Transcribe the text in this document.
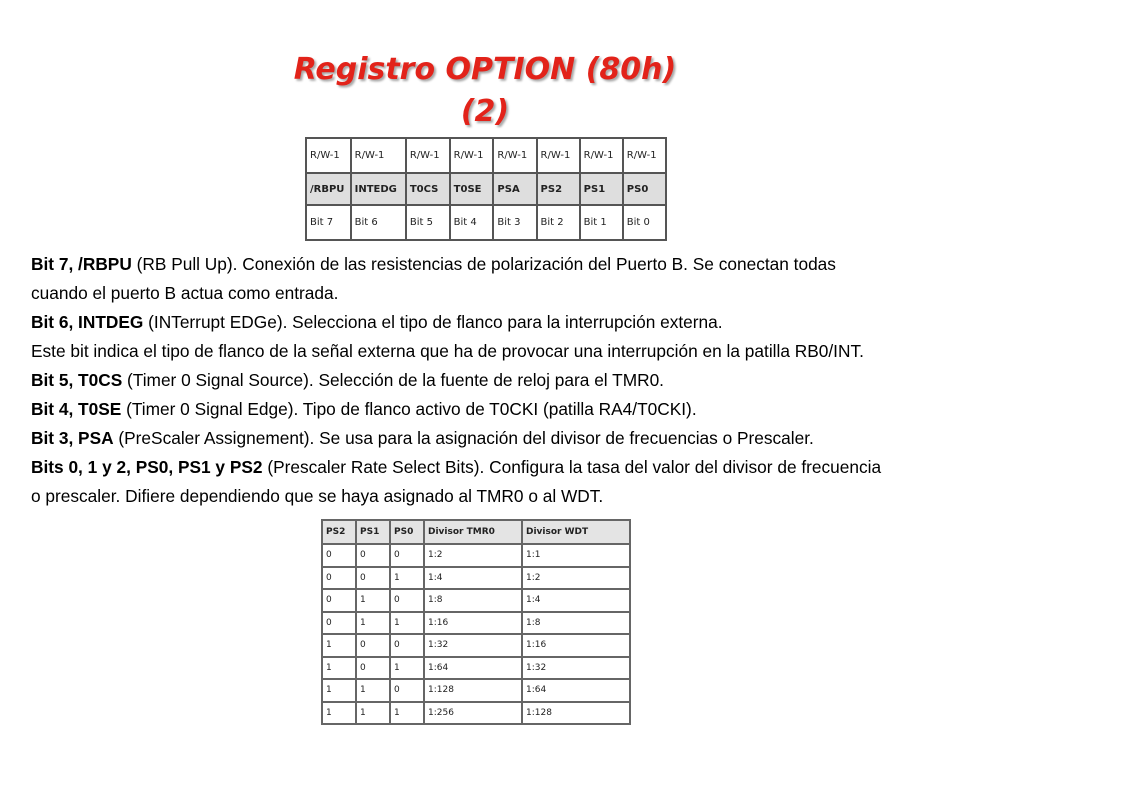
Registro OPTION (80h)
(2)
R/W-1	R/W-1	R/W-1	R/W-1	R/W-1	R/W-1	R/W-1	R/W-1
/RBPU	INTEDG	T0CS	T0SE	PSA	PS2	PS1	PS0
Bit 7	Bit 6	Bit 5	Bit 4	Bit 3	Bit 2	Bit 1	Bit 0

Bit 7, /RBPU (RB Pull Up). Conexión de las resistencias de polarización del Puerto B. Se conectan todas

cuando el puerto B actua como entrada.

Bit 6, INTDEG (INTerrupt EDGe). Selecciona el tipo de flanco para la interrupción externa.

Este bit indica el tipo de flanco de la señal externa que ha de provocar una interrupción en la patilla RB0/INT.

Bit 5, T0CS (Timer 0 Signal Source). Selección de la fuente de reloj para el TMR0.

Bit 4, T0SE (Timer 0 Signal Edge). Tipo de flanco activo de T0CKI (patilla RA4/T0CKI).

Bit 3, PSA (PreScaler Assignement). Se usa para la asignación del divisor de frecuencias o Prescaler.

Bits 0, 1 y 2, PS0, PS1 y PS2 (Prescaler Rate Select Bits). Configura la tasa del valor del divisor de frecuencia

o prescaler. Difiere dependiendo que se haya asignado al TMR0 o al WDT.

PS2	PS1	PS0	Divisor TMR0	Divisor WDT
0	0	0	1:2	1:1
0	0	1	1:4	1:2
0	1	0	1:8	1:4
0	1	1	1:16	1:8
1	0	0	1:32	1:16
1	0	1	1:64	1:32
1	1	0	1:128	1:64
1	1	1	1:256	1:128
